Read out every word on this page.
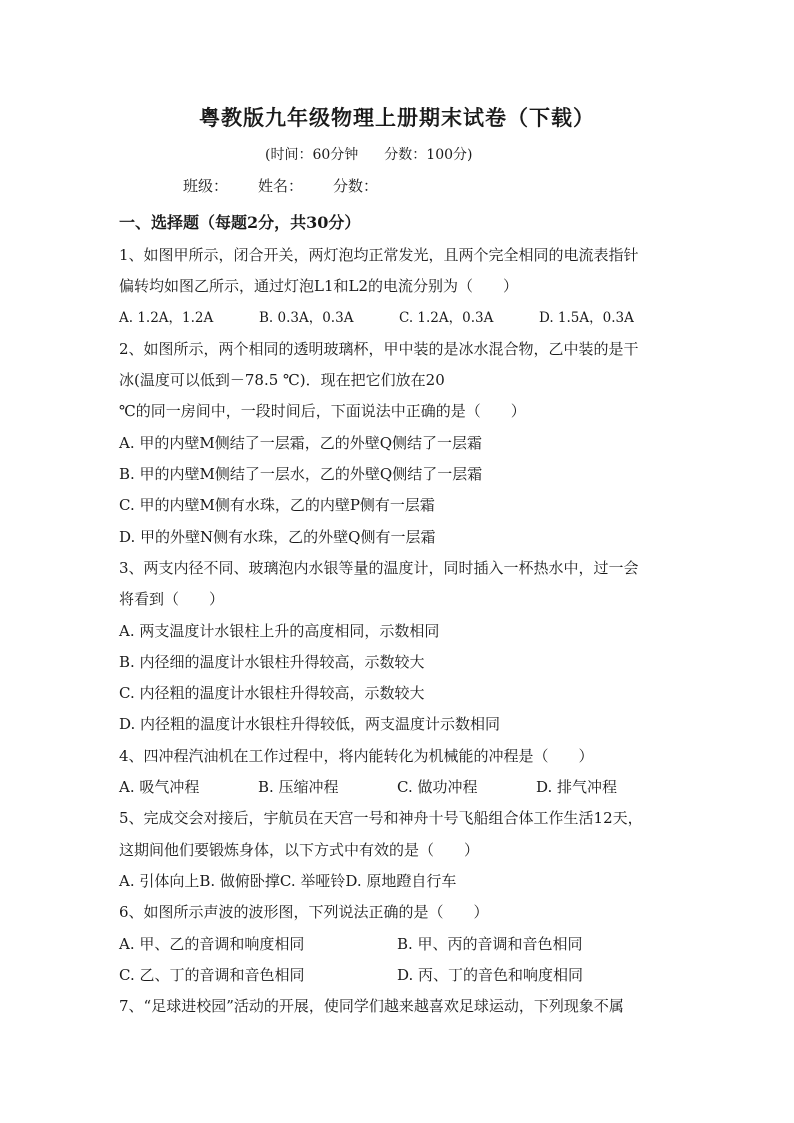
粤教版九年级物理上册期末试卷（下载）
(时间：60分钟 分数：100分)
班级： 姓名： 分数：
一、选择题（每题2分，共30分）
1、如图甲所示，闭合开关，两灯泡均正常发光，且两个完全相同的电流表指针
偏转均如图乙所示，通过灯泡L1和L2的电流分别为（　　）
A. 1.2A，1.2A	B. 0.3A，0.3A	C. 1.2A，0.3A	D. 1.5A，0.3A
2、如图所示，两个相同的透明玻璃杯，甲中装的是冰水混合物，乙中装的是干
冰(温度可以低到－78.5 ℃)．现在把它们放在20
℃的同一房间中，一段时间后，下面说法中正确的是（　　）
A. 甲的内壁M侧结了一层霜，乙的外壁Q侧结了一层霜
B. 甲的内壁M侧结了一层水，乙的外壁Q侧结了一层霜
C. 甲的内壁M侧有水珠，乙的内壁P侧有一层霜
D. 甲的外壁N侧有水珠，乙的外壁Q侧有一层霜
3、两支内径不同、玻璃泡内水银等量的温度计，同时插入一杯热水中，过一会
将看到（　　）
A. 两支温度计水银柱上升的高度相同，示数相同
B. 内径细的温度计水银柱升得较高，示数较大
C. 内径粗的温度计水银柱升得较高，示数较大
D. 内径粗的温度计水银柱升得较低，两支温度计示数相同
4、四冲程汽油机在工作过程中，将内能转化为机械能的冲程是（　　）
A. 吸气冲程	B. 压缩冲程	C. 做功冲程	D. 排气冲程
5、完成交会对接后，宇航员在天宫一号和神舟十号飞船组合体工作生活12天，
这期间他们要锻炼身体，以下方式中有效的是（　　）
A. 引体向上B. 做俯卧撑C. 举哑铃D. 原地蹬自行车
6、如图所示声波的波形图，下列说法正确的是（　　）
A. 甲、乙的音调和响度相同	B. 甲、丙的音调和音色相同
C. 乙、丁的音调和音色相同	D. 丙、丁的音色和响度相同
7、“足球进校园”活动的开展，使同学们越来越喜欢足球运动，下列现象不属
